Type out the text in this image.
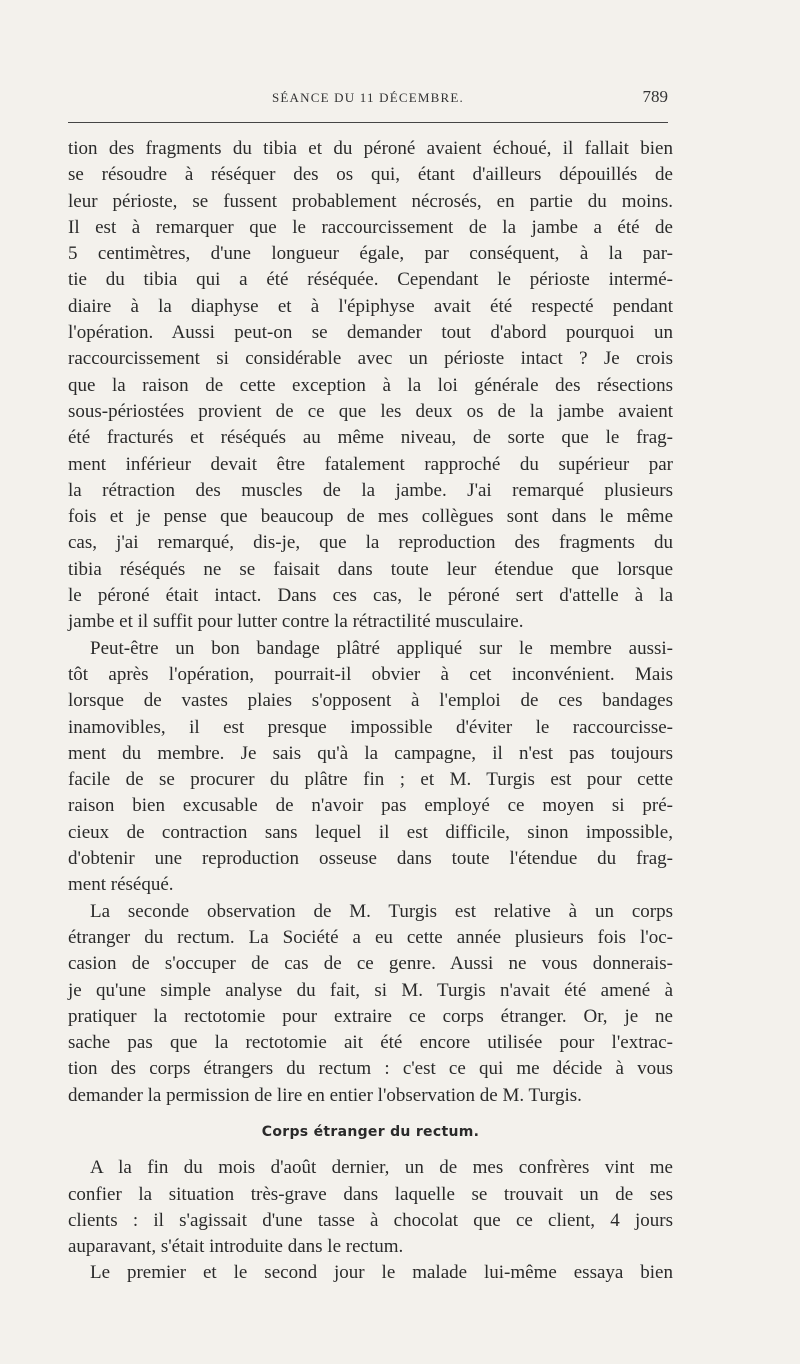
SÉANCE DU 11 DÉCEMBRE.	789

tion des fragments du tibia et du péroné avaient échoué, il fallait bien
se résoudre à réséquer des os qui, étant d'ailleurs dépouillés de
leur périoste, se fussent probablement nécrosés, en partie du moins.
Il est à remarquer que le raccourcissement de la jambe a été de
5 centimètres, d'une longueur égale, par conséquent, à la par-
tie du tibia qui a été réséquée. Cependant le périoste intermé-
diaire à la diaphyse et à l'épiphyse avait été respecté pendant
l'opération. Aussi peut-on se demander tout d'abord pourquoi un
raccourcissement si considérable avec un périoste intact ? Je crois
que la raison de cette exception à la loi générale des résections
sous-périostées provient de ce que les deux os de la jambe avaient
été fracturés et réséqués au même niveau, de sorte que le frag-
ment inférieur devait être fatalement rapproché du supérieur par
la rétraction des muscles de la jambe. J'ai remarqué plusieurs
fois et je pense que beaucoup de mes collègues sont dans le même
cas, j'ai remarqué, dis-je, que la reproduction des fragments du
tibia réséqués ne se faisait dans toute leur étendue que lorsque
le péroné était intact. Dans ces cas, le péroné sert d'attelle à la
jambe et il suffit pour lutter contre la rétractilité musculaire.

Peut-être un bon bandage plâtré appliqué sur le membre aussi-
tôt après l'opération, pourrait-il obvier à cet inconvénient. Mais
lorsque de vastes plaies s'opposent à l'emploi de ces bandages
inamovibles, il est presque impossible d'éviter le raccourcisse-
ment du membre. Je sais qu'à la campagne, il n'est pas toujours
facile de se procurer du plâtre fin ; et M. Turgis est pour cette
raison bien excusable de n'avoir pas employé ce moyen si pré-
cieux de contraction sans lequel il est difficile, sinon impossible,
d'obtenir une reproduction osseuse dans toute l'étendue du frag-
ment réséqué.

La seconde observation de M. Turgis est relative à un corps
étranger du rectum. La Société a eu cette année plusieurs fois l'oc-
casion de s'occuper de cas de ce genre. Aussi ne vous donnerais-
je qu'une simple analyse du fait, si M. Turgis n'avait été amené à
pratiquer la rectotomie pour extraire ce corps étranger. Or, je ne
sache pas que la rectotomie ait été encore utilisée pour l'extrac-
tion des corps étrangers du rectum : c'est ce qui me décide à vous
demander la permission de lire en entier l'observation de M. Turgis.

Corps étranger du rectum.

A la fin du mois d'août dernier, un de mes confrères vint me
confier la situation très-grave dans laquelle se trouvait un de ses
clients : il s'agissait d'une tasse à chocolat que ce client, 4 jours
auparavant, s'était introduite dans le rectum.

Le premier et le second jour le malade lui-même essaya bien
